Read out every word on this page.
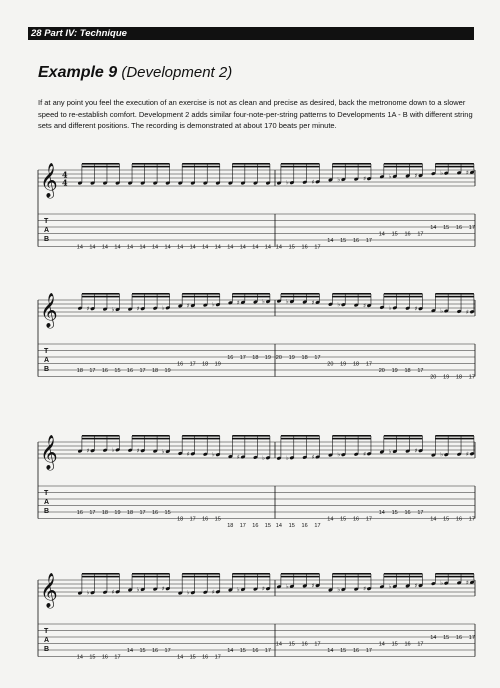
28 Part IV: Technique
Example 9 (Development 2)

If at any point you feel the execution of an exercise is not as clean and precise as desired, back the metronome down to a slower speed to re-establish comfort. Development 2 adds similar four-note-per-string patterns to Developments 1A - B with different string sets and different positions. The recording is demonstrated at about 170 beats per minute.

𝄞 4
4
T
A
B
14 14 14 14 14 14 14 14 14 14 14 14 14 14 14 14 14 15
♭
16 17
♯
14 15
♭
16 17
♯
14 15
♭
16 17
♯
14 15
♭
16 17
♯
𝄞
T
A
B	18 17
♯
16 15
♭
16 17
♯
18 19
♭
16 17
♯
18 19
♭
16 17
♯
18 19
♭
20 19
♭
18 17
♯
20 19
♭
18 17
♯
20 19
♭
18 17
♯
20 19
♭
18 17
♯
𝄞
T
A
B	16 17
♯
18 19
♭
18 17
♯
16 15
♭
18 17
♯
16 15
♭
18 17
♯
16 15
♭
14 15
♭
16 17
♯
14 15
♭
16 17
♯
14 15
♭
16 17
♯
14 15
♭
16 17
♯
𝄞
T
A
B
14 15
♭
16 17
♯
14 15
♭
16 17
♯
14 15
♭
16 17
♯
14 15
♭
16 17
♯
14 15
♭
16 17
♯
14 15
♭
16 17
♯
14 15
♭
16 17
♯
14 15
♭
16 17
♯
